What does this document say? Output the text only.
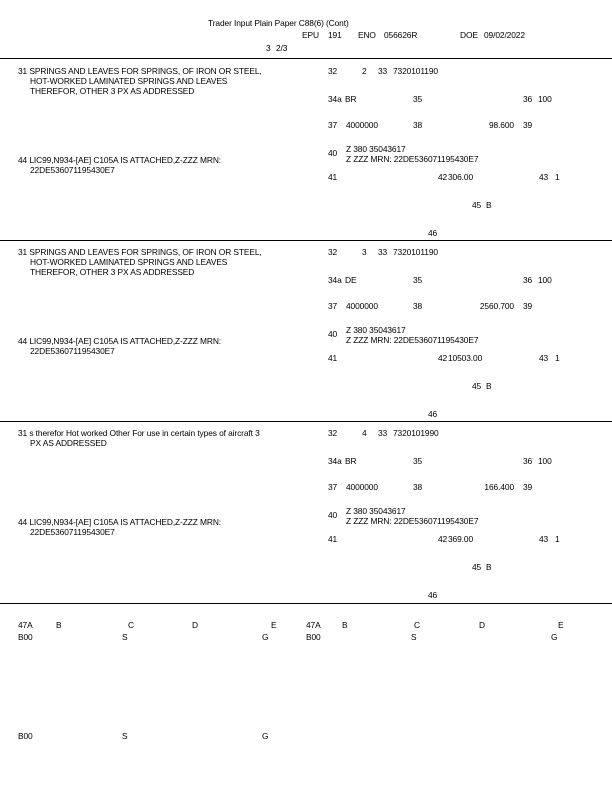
Trader Input Plain Paper C88(6) (Cont)
EPU 191 ENO 056626R	DOE 09/02/2022
3 2/3
31 SPRINGS AND LEAVES FOR SPRINGS, OF IRON OR STEEL,
HOT-WORKED LAMINATED SPRINGS AND LEAVES
THEREFOR, OTHER 3 PX AS ADDRESSED
32	2 33 7320101190
34a BR	35	36 100
37 4000000	38	98.600 39
40 Z 380 35043617
Z ZZZ MRN: 22DE536071195430E7
44 LIC99,N934-[AE] C105A IS ATTACHED,Z-ZZZ MRN:
22DE536071195430E7
41	42 306.00	43 1
45 B
46
31 SPRINGS AND LEAVES FOR SPRINGS, OF IRON OR STEEL,
HOT-WORKED LAMINATED SPRINGS AND LEAVES
THEREFOR, OTHER 3 PX AS ADDRESSED
32	3 33 7320101190
34a DE	35	36 100
37 4000000	38	2560.700 39
40 Z 380 35043617
Z ZZZ MRN: 22DE536071195430E7
44 LIC99,N934-[AE] C105A IS ATTACHED,Z-ZZZ MRN:
22DE536071195430E7
41	42 10503.00	43 1
45 B
46
31 s therefor Hot worked Other For use in certain types of aircraft 3
PX AS ADDRESSED
32	4 33 7320101990
34a BR	35	36 100
37 4000000	38	166.400 39
40 Z 380 35043617
Z ZZZ MRN: 22DE536071195430E7
44 LIC99,N934-[AE] C105A IS ATTACHED,Z-ZZZ MRN:
22DE536071195430E7
41	42 369.00	43 1
45 B
46
47A	B	C	D	E
B00	S	G
B00	S	G
47A	B	C	D	E
B00	S	G
